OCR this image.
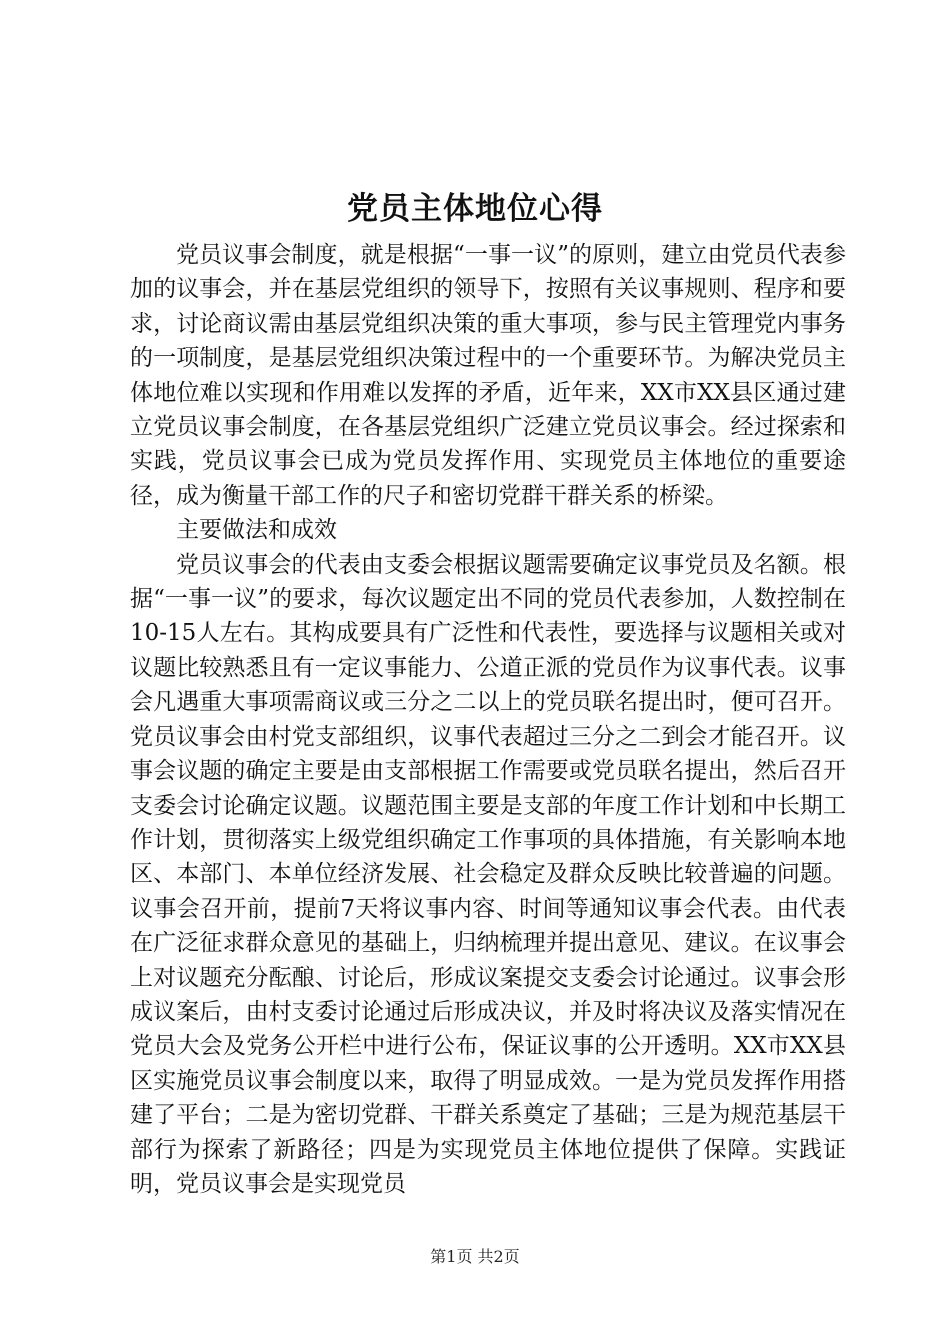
党员主体地位心得

党员议事会制度，就是根据“一事一议”的原则，建立由党员代表参加的议事会，并在基层党组织的领导下，按照有关议事规则、程序和要求，讨论商议需由基层党组织决策的重大事项，参与民主管理党内事务的一项制度，是基层党组织决策过程中的一个重要环节。为解决党员主体地位难以实现和作用难以发挥的矛盾，近年来，XX市XX县区通过建立党员议事会制度，在各基层党组织广泛建立党员议事会。经过探索和实践，党员议事会已成为党员发挥作用、实现党员主体地位的重要途径，成为衡量干部工作的尺子和密切党群干群关系的桥梁。

主要做法和成效

党员议事会的代表由支委会根据议题需要确定议事党员及名额。根据“一事一议”的要求，每次议题定出不同的党员代表参加，人数控制在10-15人左右。其构成要具有广泛性和代表性，要选择与议题相关或对议题比较熟悉且有一定议事能力、公道正派的党员作为议事代表。议事会凡遇重大事项需商议或三分之二以上的党员联名提出时，便可召开。党员议事会由村党支部组织，议事代表超过三分之二到会才能召开。议事会议题的确定主要是由支部根据工作需要或党员联名提出，然后召开支委会讨论确定议题。议题范围主要是支部的年度工作计划和中长期工作计划，贯彻落实上级党组织确定工作事项的具体措施，有关影响本地区、本部门、本单位经济发展、社会稳定及群众反映比较普遍的问题。议事会召开前，提前7天将议事内容、时间等通知议事会代表。由代表在广泛征求群众意见的基础上，归纳梳理并提出意见、建议。在议事会上对议题充分酝酿、讨论后，形成议案提交支委会讨论通过。议事会形成议案后，由村支委讨论通过后形成决议，并及时将决议及落实情况在党员大会及党务公开栏中进行公布，保证议事的公开透明。XX市XX县区实施党员议事会制度以来，取得了明显成效。一是为党员发挥作用搭建了平台；二是为密切党群、干群关系奠定了基础；三是为规范基层干部行为探索了新路径；四是为实现党员主体地位提供了保障。实践证明，党员议事会是实现党员

第1页 共2页
